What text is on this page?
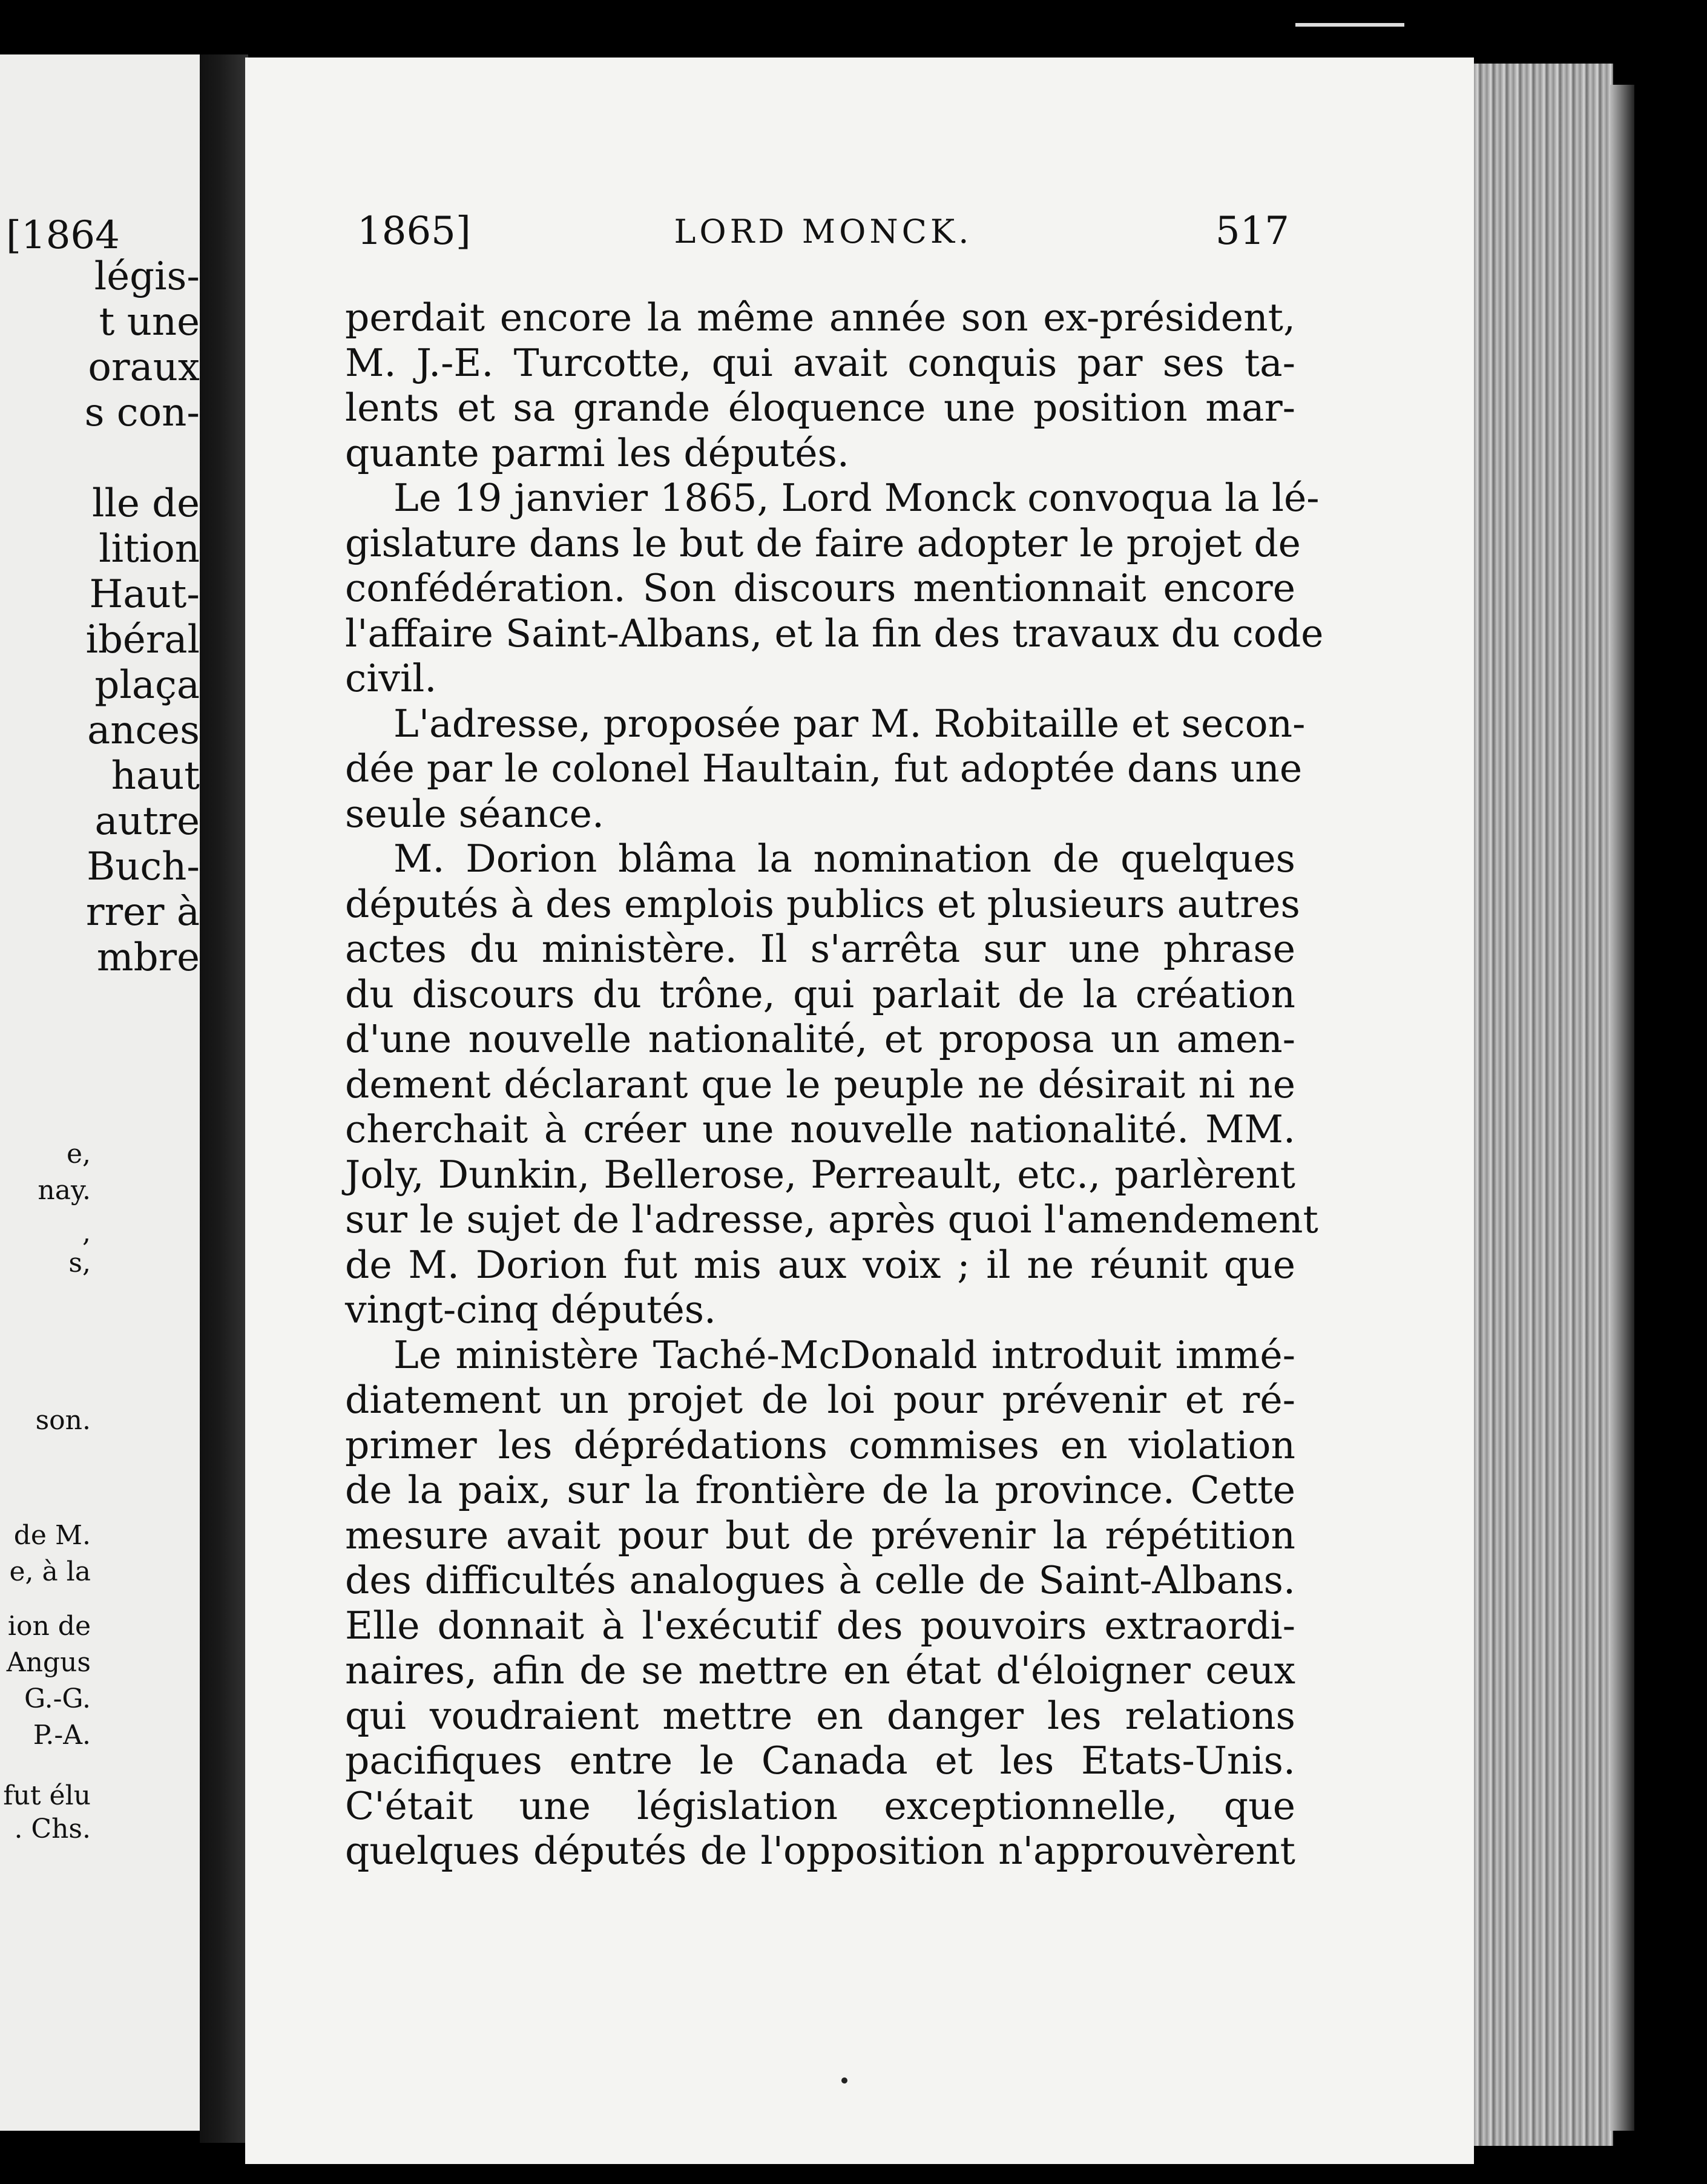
[1864
légis-
t une
oraux
s con-
lle de
lition
Haut-
ibéral
plaça
ances
haut
autre
Buch-
rrer à
mbre
e,
nay.
,
s,
son.
de M.
e, à la
ion de
Angus
G.-G.
P.-A.
fut élu
. Chs.
1865]	LORD MONCK.	517
perdait encore la même année son ex-président,
M. J.-E. Turcotte, qui avait conquis par ses ta-
lents et sa grande éloquence une position mar-
quante parmi les députés.
Le 19 janvier 1865, Lord Monck convoqua la lé-
gislature dans le but de faire adopter le projet de
confédération. Son discours mentionnait encore
l'affaire Saint-Albans, et la fin des travaux du code
civil.
L'adresse, proposée par M. Robitaille et secon-
dée par le colonel Haultain, fut adoptée dans une
seule séance.
M. Dorion blâma la nomination de quelques
députés à des emplois publics et plusieurs autres
actes du ministère. Il s'arrêta sur une phrase
du discours du trône, qui parlait de la création
d'une nouvelle nationalité, et proposa un amen-
dement déclarant que le peuple ne désirait ni ne
cherchait à créer une nouvelle nationalité. MM.
Joly, Dunkin, Bellerose, Perreault, etc., parlèrent
sur le sujet de l'adresse, après quoi l'amendement
de M. Dorion fut mis aux voix ; il ne réunit que
vingt-cinq députés.
Le ministère Taché-McDonald introduit immé-
diatement un projet de loi pour prévenir et ré-
primer les déprédations commises en violation
de la paix, sur la frontière de la province. Cette
mesure avait pour but de prévenir la répétition
des difficultés analogues à celle de Saint-Albans.
Elle donnait à l'exécutif des pouvoirs extraordi-
naires, afin de se mettre en état d'éloigner ceux
qui voudraient mettre en danger les relations
pacifiques entre le Canada et les Etats-Unis.
C'était une législation exceptionnelle, que
quelques députés de l'opposition n'approuvèrent
